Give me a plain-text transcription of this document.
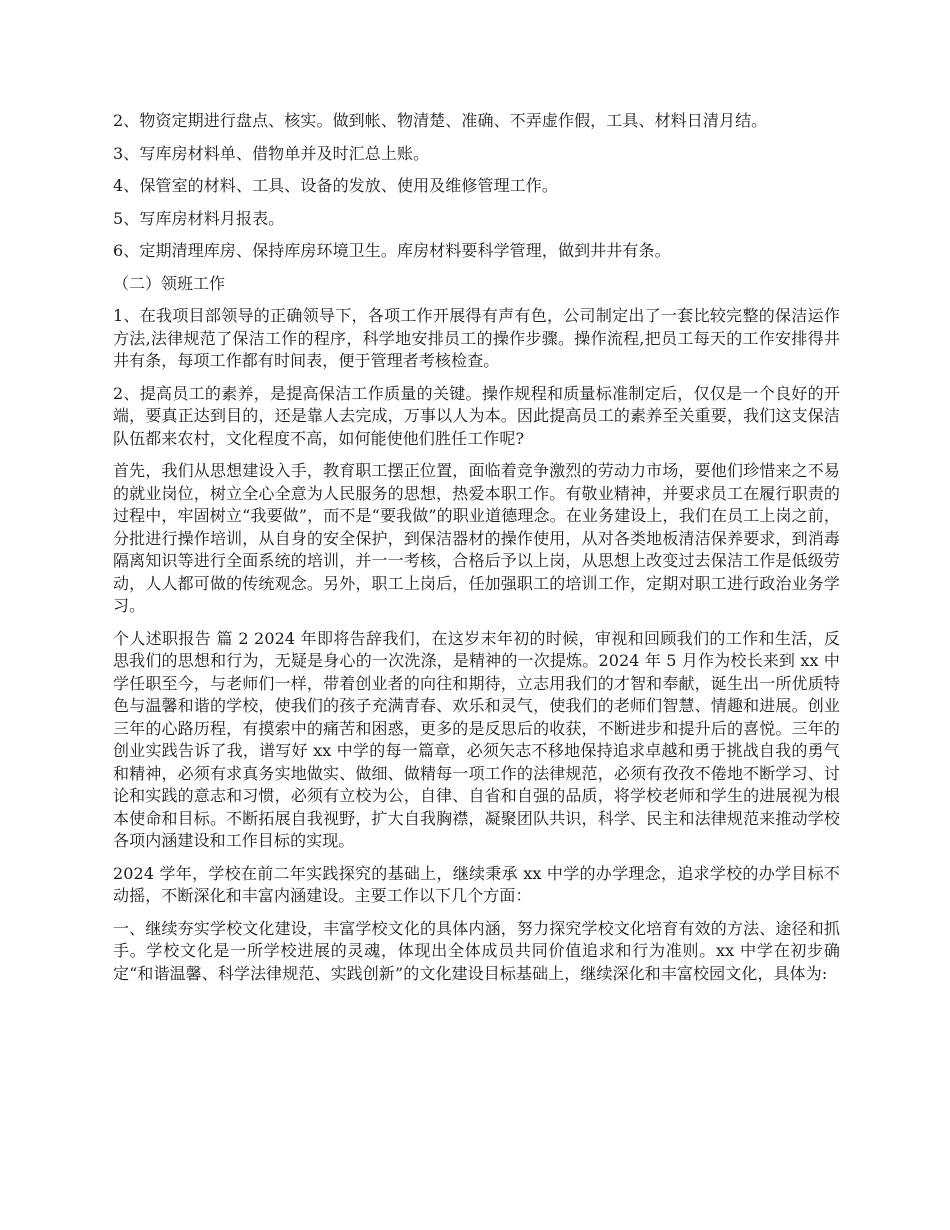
2、物资定期进行盘点、核实。做到帐、物清楚、准确、不弄虚作假，工具、材料日清月结。

3、写库房材料单、借物单并及时汇总上账。

4、保管室的材料、工具、设备的发放、使用及维修管理工作。

5、写库房材料月报表。

6、定期清理库房、保持库房环境卫生。库房材料要科学管理，做到井井有条。

（二）领班工作

1、在我项目部领导的正确领导下，各项工作开展得有声有色，公司制定出了一套比较完整的保洁运作方法,法律规范了保洁工作的程序，科学地安排员工的操作步骤。操作流程,把员工每天的工作安排得井井有条，每项工作都有时间表，便于管理者考核检查。

2、提高员工的素养，是提高保洁工作质量的关键。操作规程和质量标准制定后，仅仅是一个良好的开端，要真正达到目的，还是靠人去完成，万事以人为本。因此提高员工的素养至关重要，我们这支保洁队伍都来农村，文化程度不高，如何能使他们胜任工作呢?

首先，我们从思想建设入手，教育职工摆正位置，面临着竞争激烈的劳动力市场，要他们珍惜来之不易的就业岗位，树立全心全意为人民服务的思想，热爱本职工作。有敬业精神，并要求员工在履行职责的过程中，牢固树立“我要做”，而不是“要我做”的职业道德理念。在业务建设上，我们在员工上岗之前，分批进行操作培训，从自身的安全保护，到保洁器材的操作使用，从对各类地板清洁保养要求，到消毒隔离知识等进行全面系统的培训，并一一考核，合格后予以上岗，从思想上改变过去保洁工作是低级劳动，人人都可做的传统观念。另外，职工上岗后，任加强职工的培训工作，定期对职工进行政治业务学习。

个人述职报告 篇 2 2024 年即将告辞我们，在这岁末年初的时候，审视和回顾我们的工作和生活，反思我们的思想和行为，无疑是身心的一次洗涤，是精神的一次提炼。2024 年 5 月作为校长来到 xx 中学任职至今，与老师们一样，带着创业者的向往和期待，立志用我们的才智和奉献，诞生出一所优质特色与温馨和谐的学校，使我们的孩子充满青春、欢乐和灵气，使我们的老师们智慧、情趣和进展。创业三年的心路历程，有摸索中的痛苦和困惑，更多的是反思后的收获，不断进步和提升后的喜悦。三年的创业实践告诉了我，谱写好 xx 中学的每一篇章，必须矢志不移地保持追求卓越和勇于挑战自我的勇气和精神，必须有求真务实地做实、做细、做精每一项工作的法律规范，必须有孜孜不倦地不断学习、讨论和实践的意志和习惯，必须有立校为公，自律、自省和自强的品质，将学校老师和学生的进展视为根本使命和目标。不断拓展自我视野，扩大自我胸襟，凝聚团队共识，科学、民主和法律规范来推动学校各项内涵建设和工作目标的实现。

2024 学年，学校在前二年实践探究的基础上，继续秉承 xx 中学的办学理念，追求学校的办学目标不动摇，不断深化和丰富内涵建设。主要工作以下几个方面：

一、继续夯实学校文化建设，丰富学校文化的具体内涵，努力探究学校文化培育有效的方法、途径和抓手。学校文化是一所学校进展的灵魂，体现出全体成员共同价值追求和行为准则。xx 中学在初步确定“和谐温馨、科学法律规范、实践创新”的文化建设目标基础上，继续深化和丰富校园文化，具体为:
